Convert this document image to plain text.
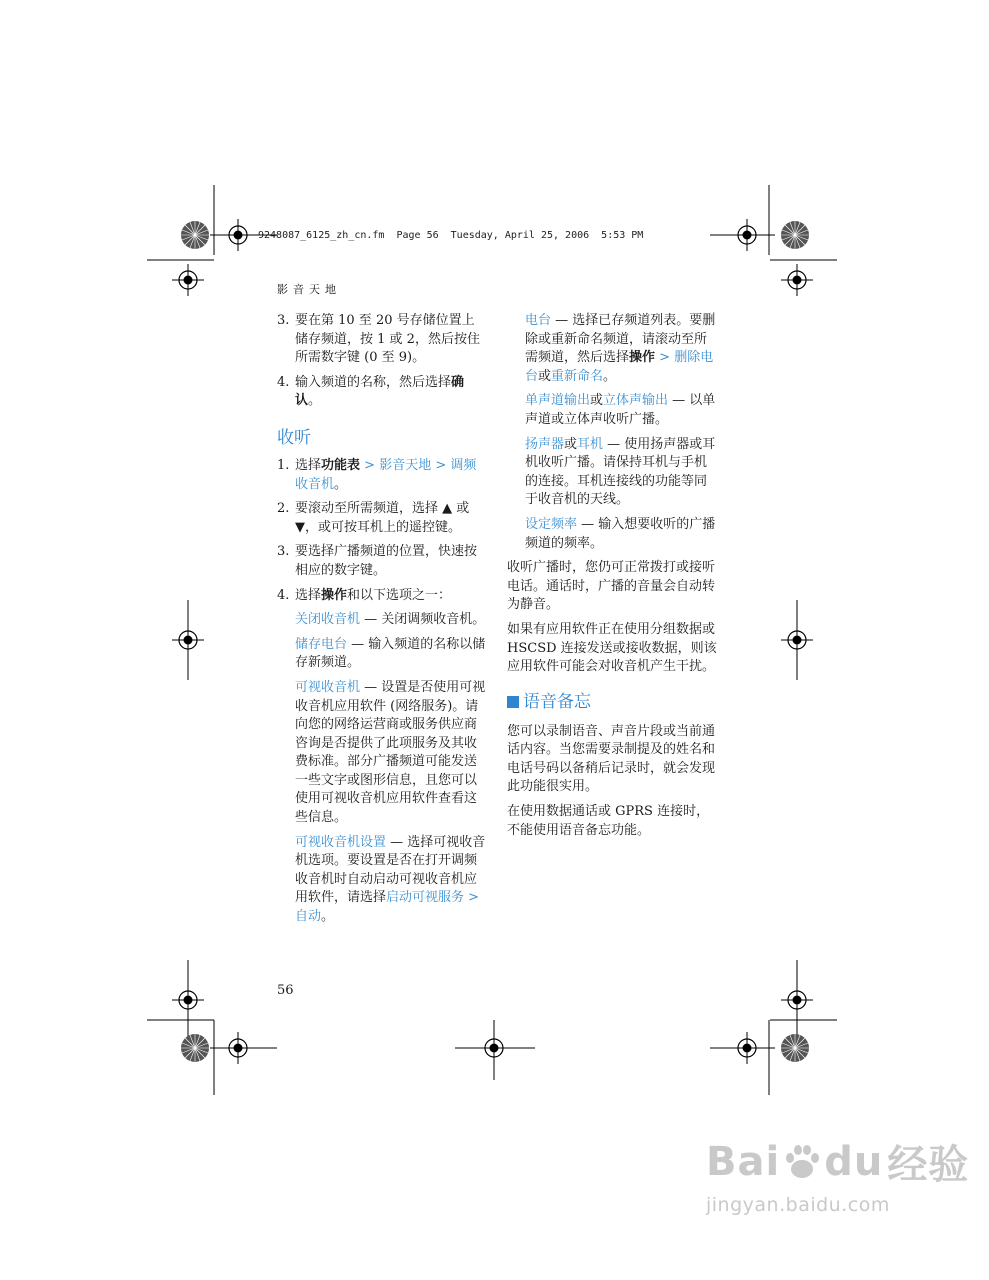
9248087_6125_zh_cn.fm  Page 56  Tuesday, April 25, 2006  5:53 PM
影音天地
3. 要在第 10 至 20 号存储位置上储存频道，按 1 或 2，然后按住所需数字键 (0 至 9)。
4. 输入频道的名称，然后选择确认。
收听
1. 选择功能表 > 影音天地 > 调频收音机。
2. 要滚动至所需频道，选择 ▲ 或 ▼，或可按耳机上的遥控键。
3. 要选择广播频道的位置，快速按相应的数字键。
4. 选择操作和以下选项之一：
关闭收音机 — 关闭调频收音机。
储存电台 — 输入频道的名称以储存新频道。
可视收音机 — 设置是否使用可视收音机应用软件 (网络服务)。请向您的网络运营商或服务供应商咨询是否提供了此项服务及其收费标准。部分广播频道可能发送一些文字或图形信息，且您可以使用可视收音机应用软件查看这些信息。
可视收音机设置 — 选择可视收音机选项。要设置是否在打开调频收音机时自动启动可视收音机应用软件，请选择启动可视服务 > 自动。
电台 — 选择已存频道列表。要删除或重新命名频道，请滚动至所需频道，然后选择操作 > 删除电台或重新命名。
单声道输出或立体声输出 — 以单声道或立体声收听广播。
扬声器或耳机 — 使用扬声器或耳机收听广播。请保持耳机与手机的连接。耳机连接线的功能等同于收音机的天线。
设定频率 — 输入想要收听的广播频道的频率。
收听广播时，您仍可正常拨打或接听电话。通话时，广播的音量会自动转为静音。
如果有应用软件正在使用分组数据或 HSCSD 连接发送或接收数据，则该应用软件可能会对收音机产生干扰。
语音备忘
您可以录制语音、声音片段或当前通话内容。当您需要录制提及的姓名和电话号码以备稍后记录时，就会发现此功能很实用。
在使用数据通话或 GPRS 连接时，不能使用语音备忘功能。
56
Bai du 经验
jingyan.baidu.com
